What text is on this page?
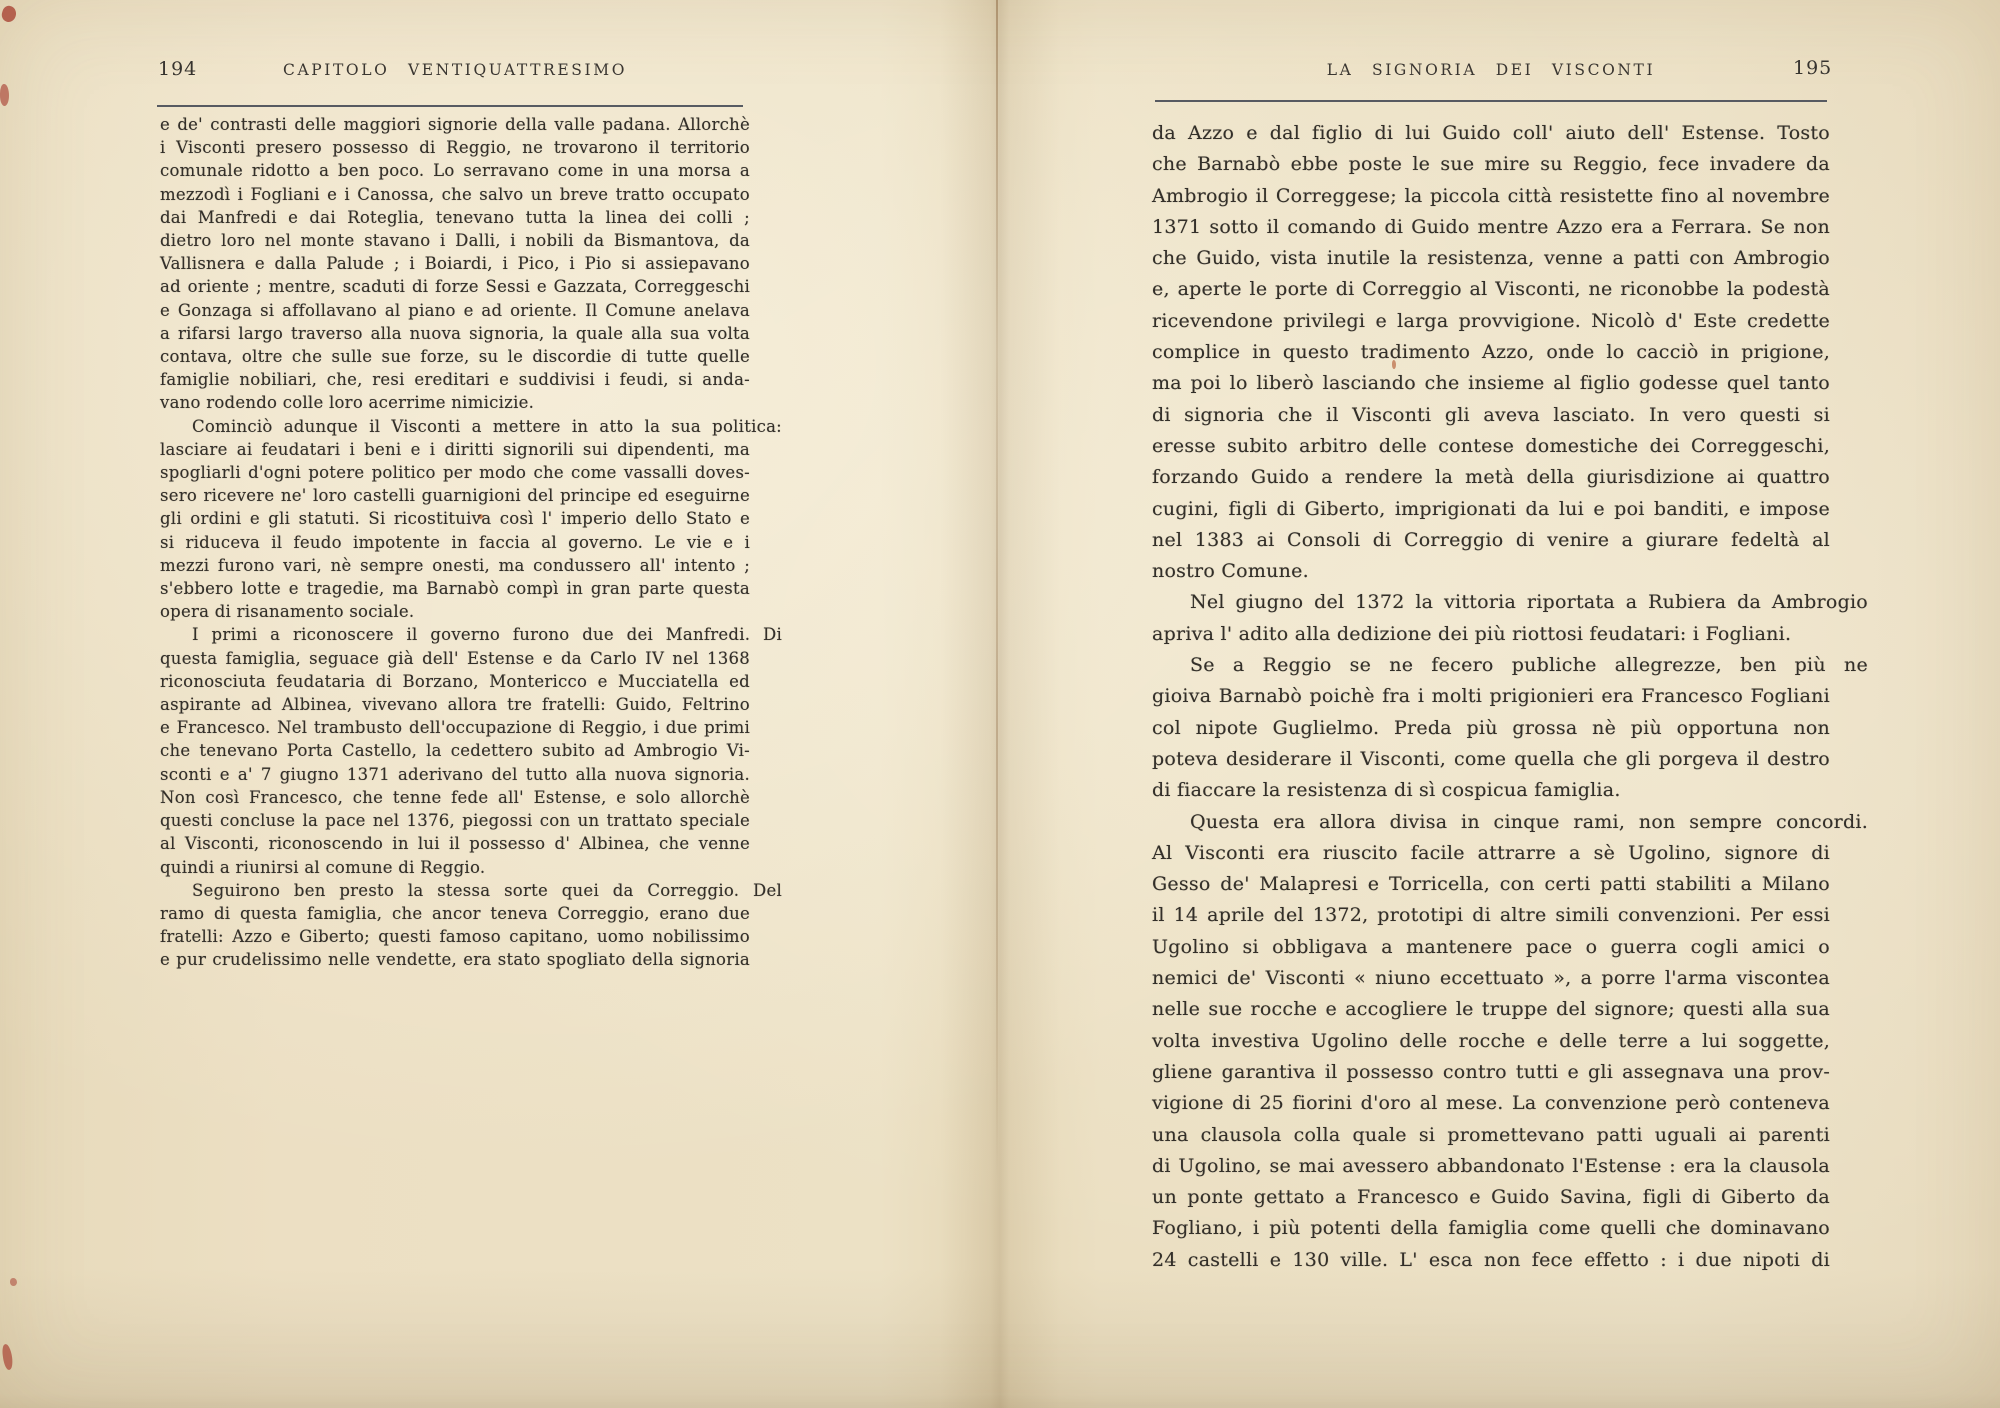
194	CAPITOLO VENTIQUATTRESIMO

e de' contrasti delle maggiori signorie della valle padana. Allorchè
i Visconti presero possesso di Reggio, ne trovarono il territorio
comunale ridotto a ben poco. Lo serravano come in una morsa a
mezzodì i Fogliani e i Canossa, che salvo un breve tratto occupato
dai Manfredi e dai Roteglia, tenevano tutta la linea dei colli ;
dietro loro nel monte stavano i Dalli, i nobili da Bismantova, da
Vallisnera e dalla Palude ; i Boiardi, i Pico, i Pio si assiepavano
ad oriente ; mentre, scaduti di forze Sessi e Gazzata, Correggeschi
e Gonzaga si affollavano al piano e ad oriente. Il Comune anelava
a rifarsi largo traverso alla nuova signoria, la quale alla sua volta
contava, oltre che sulle sue forze, su le discordie di tutte quelle
famiglie nobiliari, che, resi ereditari e suddivisi i feudi, si anda-
vano rodendo colle loro acerrime nimicizie.

Cominciò adunque il Visconti a mettere in atto la sua politica:
lasciare ai feudatari i beni e i diritti signorili sui dipendenti, ma
spogliarli d'ogni potere politico per modo che come vassalli doves-
sero ricevere ne' loro castelli guarnigioni del principe ed eseguirne
gli ordini e gli statuti. Si ricostituiva così l' imperio dello Stato e
si riduceva il feudo impotente in faccia al governo. Le vie e i
mezzi furono vari, nè sempre onesti, ma condussero all' intento ;
s'ebbero lotte e tragedie, ma Barnabò compì in gran parte questa
opera di risanamento sociale.

I primi a riconoscere il governo furono due dei Manfredi. Di
questa famiglia, seguace già dell' Estense e da Carlo IV nel 1368
riconosciuta feudataria di Borzano, Montericco e Mucciatella ed
aspirante ad Albinea, vivevano allora tre fratelli: Guido, Feltrino
e Francesco. Nel trambusto dell'occupazione di Reggio, i due primi
che tenevano Porta Castello, la cedettero subito ad Ambrogio Vi-
sconti e a' 7 giugno 1371 aderivano del tutto alla nuova signoria.
Non così Francesco, che tenne fede all' Estense, e solo allorchè
questi concluse la pace nel 1376, piegossi con un trattato speciale
al Visconti, riconoscendo in lui il possesso d' Albinea, che venne
quindi a riunirsi al comune di Reggio.

Seguirono ben presto la stessa sorte quei da Correggio. Del
ramo di questa famiglia, che ancor teneva Correggio, erano due
fratelli: Azzo e Giberto; questi famoso capitano, uomo nobilissimo
e pur crudelissimo nelle vendette, era stato spogliato della signoria

LA SIGNORIA DEI VISCONTI	195

da Azzo e dal figlio di lui Guido coll' aiuto dell' Estense. Tosto
che Barnabò ebbe poste le sue mire su Reggio, fece invadere da
Ambrogio il Correggese; la piccola città resistette fino al novembre
1371 sotto il comando di Guido mentre Azzo era a Ferrara. Se non
che Guido, vista inutile la resistenza, venne a patti con Ambrogio
e, aperte le porte di Correggio al Visconti, ne riconobbe la podestà
ricevendone privilegi e larga provvigione. Nicolò d' Este credette
complice in questo tradimento Azzo, onde lo cacciò in prigione,
ma poi lo liberò lasciando che insieme al figlio godesse quel tanto
di signoria che il Visconti gli aveva lasciato. In vero questi si
eresse subito arbitro delle contese domestiche dei Correggeschi,
forzando Guido a rendere la metà della giurisdizione ai quattro
cugini, figli di Giberto, imprigionati da lui e poi banditi, e impose
nel 1383 ai Consoli di Correggio di venire a giurare fedeltà al
nostro Comune.

Nel giugno del 1372 la vittoria riportata a Rubiera da Ambrogio
apriva l' adito alla dedizione dei più riottosi feudatari: i Fogliani.

Se a Reggio se ne fecero publiche allegrezze, ben più ne
gioiva Barnabò poichè fra i molti prigionieri era Francesco Fogliani
col nipote Guglielmo. Preda più grossa nè più opportuna non
poteva desiderare il Visconti, come quella che gli porgeva il destro
di fiaccare la resistenza di sì cospicua famiglia.

Questa era allora divisa in cinque rami, non sempre concordi.
Al Visconti era riuscito facile attrarre a sè Ugolino, signore di
Gesso de' Malapresi e Torricella, con certi patti stabiliti a Milano
il 14 aprile del 1372, prototipi di altre simili convenzioni. Per essi
Ugolino si obbligava a mantenere pace o guerra cogli amici o
nemici de' Visconti « niuno eccettuato », a porre l'arma viscontea
nelle sue rocche e accogliere le truppe del signore; questi alla sua
volta investiva Ugolino delle rocche e delle terre a lui soggette,
gliene garantiva il possesso contro tutti e gli assegnava una prov-
vigione di 25 fiorini d'oro al mese. La convenzione però conteneva
una clausola colla quale si promettevano patti uguali ai parenti
di Ugolino, se mai avessero abbandonato l'Estense : era la clausola
un ponte gettato a Francesco e Guido Savina, figli di Giberto da
Fogliano, i più potenti della famiglia come quelli che dominavano
24 castelli e 130 ville. L' esca non fece effetto : i due nipoti di
